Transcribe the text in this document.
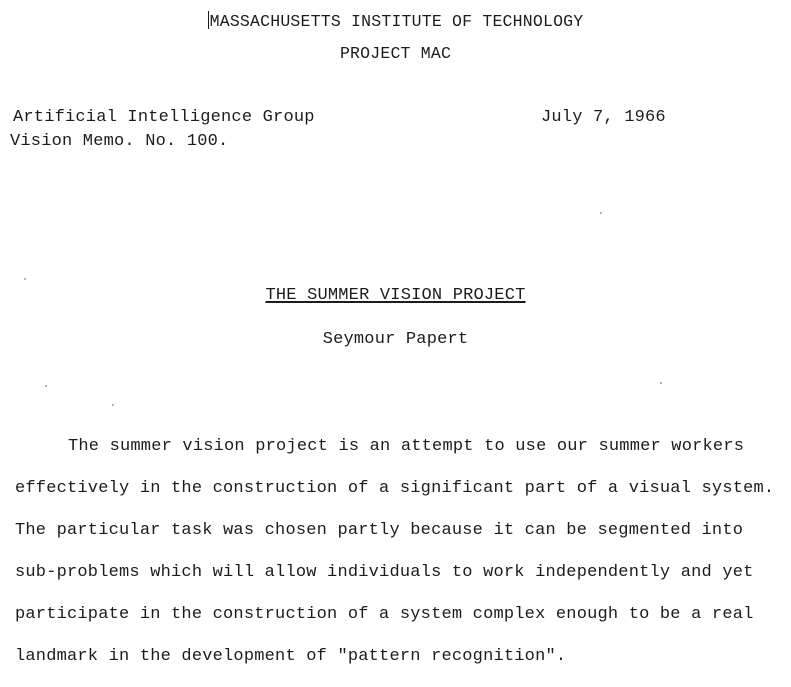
MASSACHUSETTS INSTITUTE OF TECHNOLOGY
PROJECT MAC
Artificial Intelligence Group
Vision Memo. No. 100.
July 7, 1966
THE SUMMER VISION PROJECT
Seymour Papert
The summer vision project is an attempt to use our summer workers
effectively in the construction of a significant part of a visual system.
The particular task was chosen partly because it can be segmented into
sub-problems which will allow individuals to work independently and yet
participate in the construction of a system complex enough to be a real
landmark in the development of "pattern recognition".
